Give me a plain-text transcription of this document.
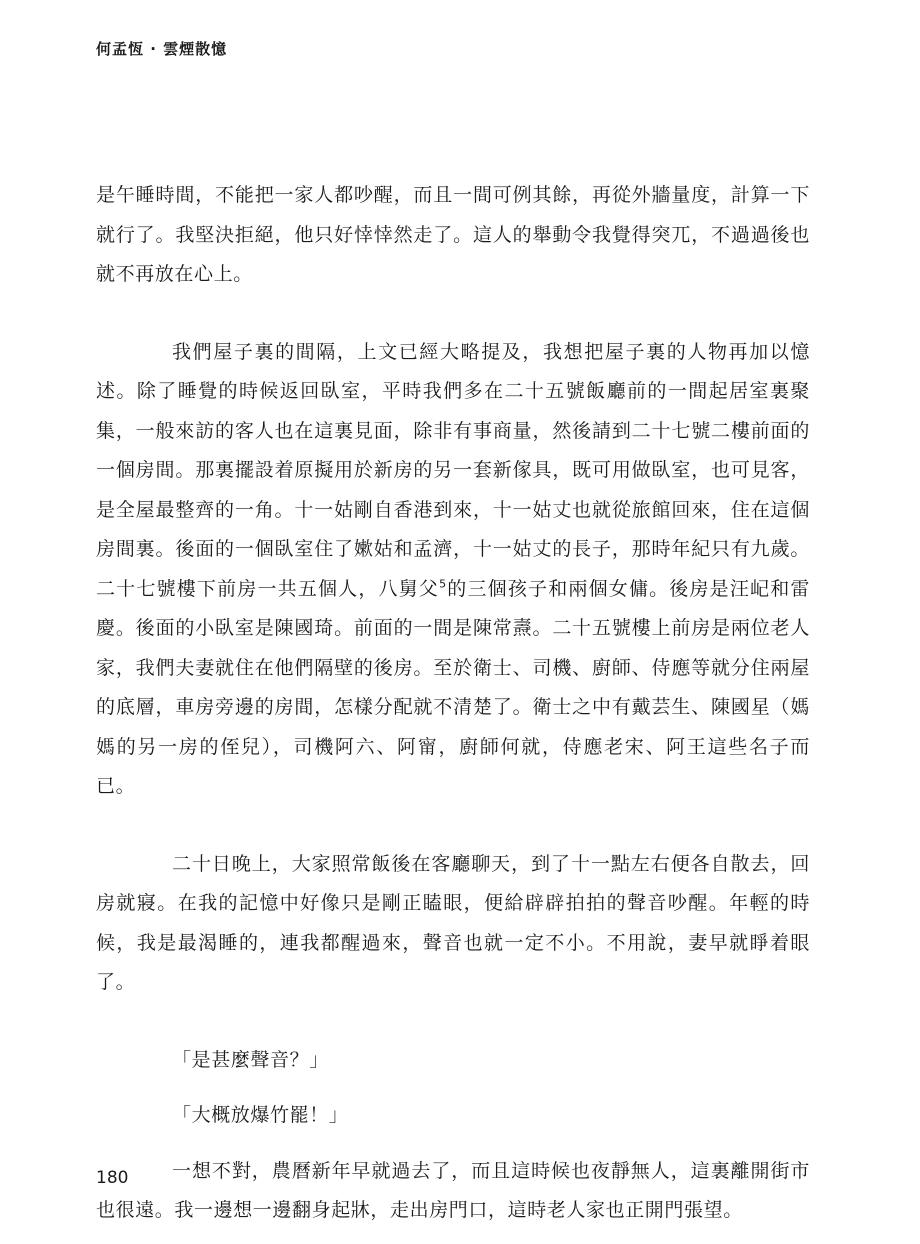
何孟恆 · 雲煙散憶

是午睡時間，不能把一家人都吵醒，而且一間可例其餘，再從外牆量度，計算一下就行了。我堅決拒絕，他只好悻悻然走了。這人的舉動令我覺得突兀，不過過後也就不再放在心上。

我們屋子裏的間隔，上文已經大略提及，我想把屋子裏的人物再加以憶述。除了睡覺的時候返回臥室，平時我們多在二十五號飯廳前的一間起居室裏聚集，一般來訪的客人也在這裏見面，除非有事商量，然後請到二十七號二樓前面的一個房間。那裏擺設着原擬用於新房的另一套新傢具，既可用做臥室，也可見客，是全屋最整齊的一角。十一姑剛自香港到來，十一姑丈也就從旅館回來，住在這個房間裏。後面的一個臥室住了嫰姑和孟濟，十一姑丈的長子，那時年紀只有九歲。二十七號樓下前房一共五個人，八舅父$^5$的三個孩子和兩個女傭。後房是汪屺和雷慶。後面的小臥室是陳國琦。前面的一間是陳常燾。二十五號樓上前房是兩位老人家，我們夫妻就住在他們隔壁的後房。至於衛士、司機、廚師、侍應等就分住兩屋的底層，車房旁邊的房間，怎樣分配就不清楚了。衛士之中有戴芸生、陳國星（媽媽的另一房的侄兒），司機阿六、阿甯，廚師何就，侍應老宋、阿王這些名子而已。

二十日晚上，大家照常飯後在客廳聊天，到了十一點左右便各自散去，回房就寢。在我的記憶中好像只是剛正瞌眼，便給辟辟拍拍的聲音吵醒。年輕的時候，我是最渴睡的，連我都醒過來，聲音也就一定不小。不用說，妻早就睜着眼了。

「是甚麼聲音？」

「大概放爆竹罷！」

一想不對，農曆新年早就過去了，而且這時候也夜靜無人，這裏離開街市也很遠。我一邊想一邊翻身起牀，走出房門口，這時老人家也正開門張望。

180
